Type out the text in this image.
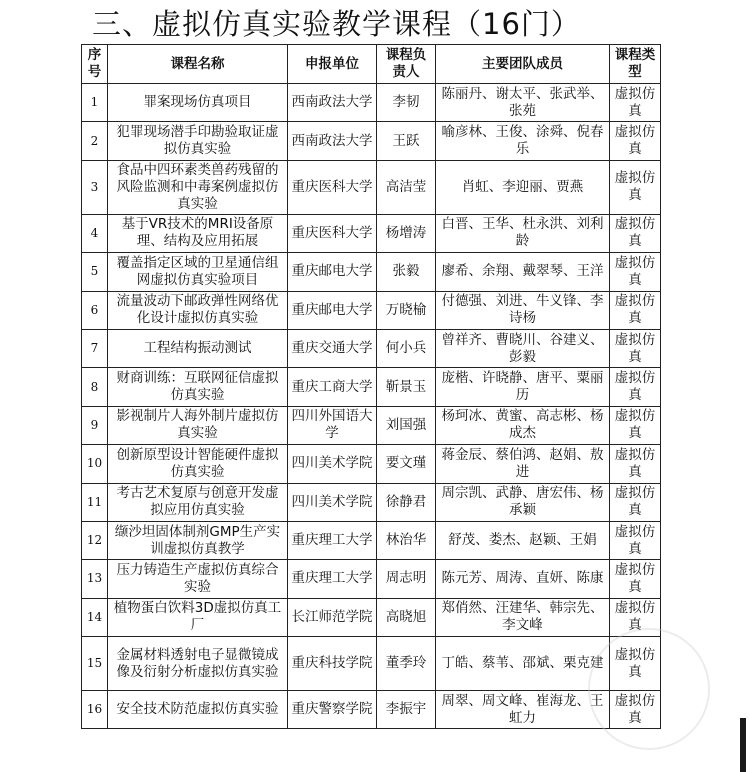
三、虚拟仿真实验教学课程（16门）
序号	课程名称	申报单位	课程负责人	主要团队成员	课程类型
1	罪案现场仿真项目	西南政法大学	李韧	陈丽丹、谢太平、张武举、张苑	虚拟仿真
2	犯罪现场潜手印勘验取证虚拟仿真实验	西南政法大学	王跃	喻彦林、王俊、涂舜、倪春乐	虚拟仿真
3	食品中四环素类兽药残留的风险监测和中毒案例虚拟仿真实验	重庆医科大学	高洁莹	肖虹、李迎丽、贾燕	虚拟仿真
4	基于VR技术的MRI设备原理、结构及应用拓展	重庆医科大学	杨增涛	白晋、王华、杜永洪、刘利龄	虚拟仿真
5	覆盖指定区域的卫星通信组网虚拟仿真实验项目	重庆邮电大学	张毅	廖希、余翔、戴翠琴、王洋	虚拟仿真
6	流量波动下邮政弹性网络优化设计虚拟仿真实验	重庆邮电大学	万晓榆	付德强、刘进、牛义锋、李诗杨	虚拟仿真
7	工程结构振动测试	重庆交通大学	何小兵	曾祥齐、曹晓川、谷建义、彭毅	虚拟仿真
8	财商训练：互联网征信虚拟仿真实验	重庆工商大学	靳景玉	庞楷、许晓静、唐平、粟丽历	虚拟仿真
9	影视制片人海外制片虚拟仿真实验	四川外国语大学	刘国强	杨珂冰、黄蜜、高志彬、杨成杰	虚拟仿真
10	创新原型设计智能硬件虚拟仿真实验	四川美术学院	要文瑾	蒋金辰、蔡伯鸿、赵娟、敖进	虚拟仿真
11	考古艺术复原与创意开发虚拟应用仿真实验	四川美术学院	徐静君	周宗凯、武静、唐宏伟、杨承颖	虚拟仿真
12	缬沙坦固体制剂GMP生产实训虚拟仿真教学	重庆理工大学	林治华	舒茂、娄杰、赵颖、王娟	虚拟仿真
13	压力铸造生产虚拟仿真综合实验	重庆理工大学	周志明	陈元芳、周涛、直妍、陈康	虚拟仿真
14	植物蛋白饮料3D虚拟仿真工厂	长江师范学院	高晓旭	郑俏然、汪建华、韩宗先、李文峰	虚拟仿真
15	金属材料透射电子显微镜成像及衍射分析虚拟仿真实验	重庆科技学院	董季玲	丁皓、蔡苇、邵斌、栗克建	虚拟仿真
16	安全技术防范虚拟仿真实验	重庆警察学院	李振宇	周翠、周文峰、崔海龙、王虹力	虚拟仿真
